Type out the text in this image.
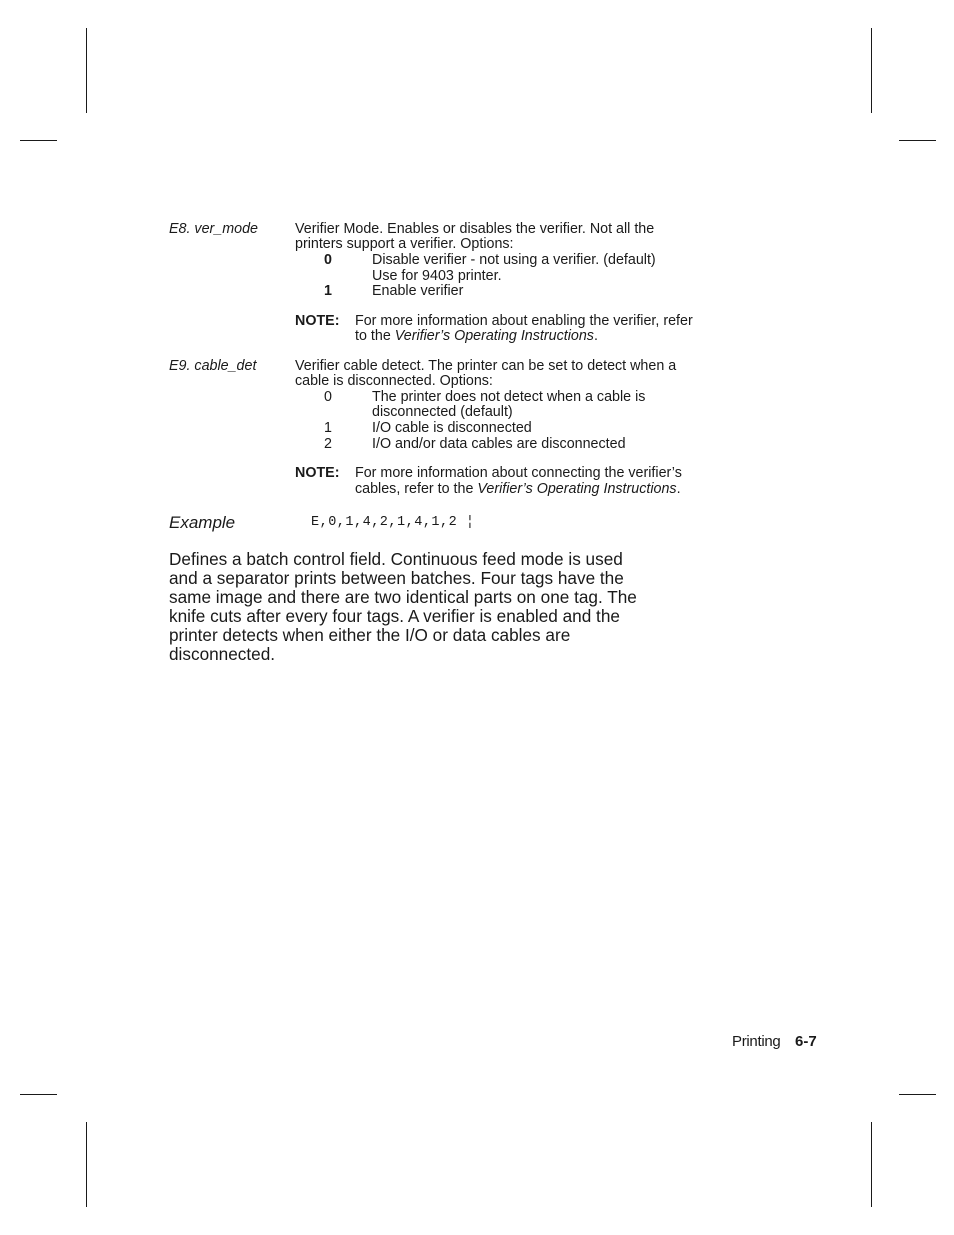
E8. ver_mode	Verifier Mode. Enables or disables the verifier. Not all the
printers support a verifier. Options:
0	Disable verifier - not using a verifier. (default)
Use for 9403 printer.
1	Enable verifier
NOTE: For more information about enabling the verifier, refer
to the Verifier’s Operating Instructions.
E9. cable_det	Verifier cable detect. The printer can be set to detect when a
cable is disconnected. Options:
0	The printer does not detect when a cable is
disconnected (default)
1	I/O cable is disconnected
2	I/O and/or data cables are disconnected
NOTE: For more information about connecting the verifier’s
cables, refer to the Verifier’s Operating Instructions.
Example	E,0,1,4,2,1,4,1,2 ¦
Defines a batch control field. Continuous feed mode is used
and a separator prints between batches. Four tags have the
same image and there are two identical parts on one tag. The
knife cuts after every four tags. A verifier is enabled and the
printer detects when either the I/O or data cables are
disconnected.
Printing 6-7
